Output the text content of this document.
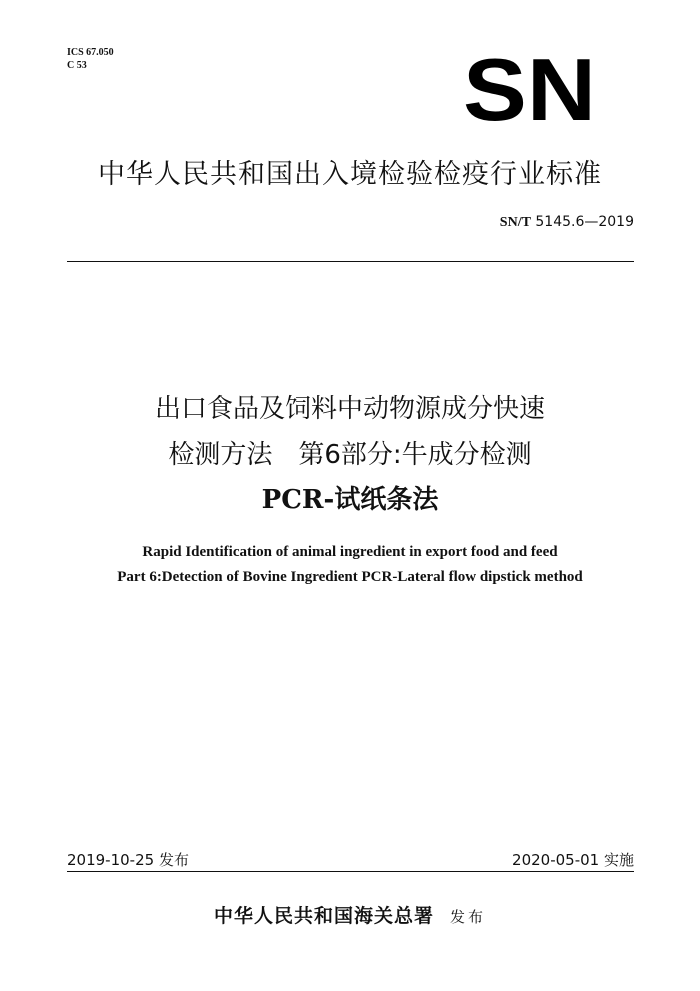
ICS 67.050
C 53	SN
中华人民共和国出入境检验检疫行业标准
SN/T 5145.6—2019
出口食品及饲料中动物源成分快速
检测方法　第6部分:牛成分检测
PCR-试纸条法
Rapid Identification of animal ingredient in export food and feed
Part 6:Detection of Bovine Ingredient PCR-Lateral flow dipstick method
2019-10-25 发布	2020-05-01 实施
中华人民共和国海关总署 发布
